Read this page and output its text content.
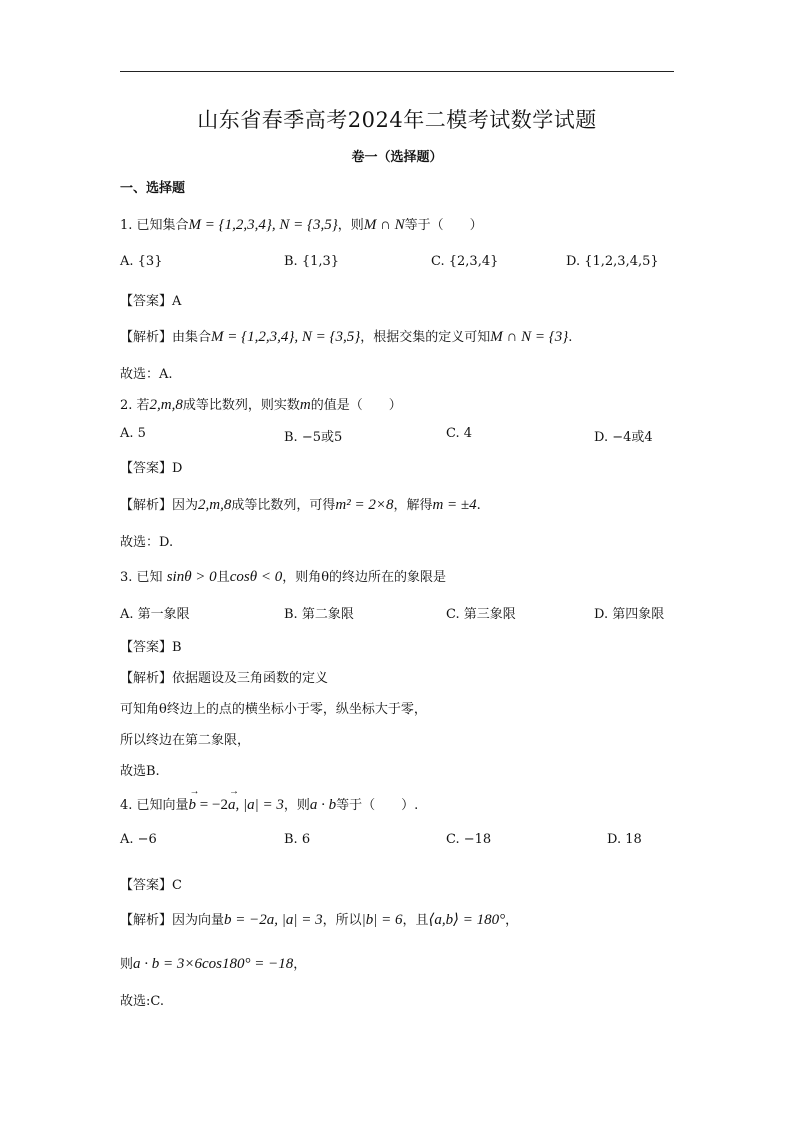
山东省春季高考2024年二模考试数学试题
卷一（选择题）
一、选择题
1. 已知集合M = {1,2,3,4}, N = {3,5}，则M ∩ N等于（　　）
A. {3}	B. {1,3}	C. {2,3,4}	D. {1,2,3,4,5}
【答案】A
【解析】由集合M = {1,2,3,4}, N = {3,5}，根据交集的定义可知M ∩ N = {3}.
故选：A.
2. 若2,m,8成等比数列，则实数m的值是（　　）
A. 5	B. −5或5	C. 4	D. −4或4
【答案】D
【解析】因为2,m,8成等比数列，可得m² = 2×8，解得m = ±4.
故选：D.
3. 已知 sinθ > 0且cosθ < 0，则角θ的终边所在的象限是
A. 第一象限	B. 第二象限	C. 第三象限	D. 第四象限
【答案】B
【解析】依据题设及三角函数的定义
可知角θ终边上的点的横坐标小于零，纵坐标大于零，
所以终边在第二象限，
故选B.
4. 已知向量→ b = −2→ a, |a| = 3，则a · b等于（　　）.
A. −6	B. 6	C. −18	D. 18
【答案】C
【解析】因为向量b = −2a, |a| = 3，所以|b| = 6，且⟨a,b⟩ = 180°，
则a · b = 3×6cos180° = −18，
故选:C.
